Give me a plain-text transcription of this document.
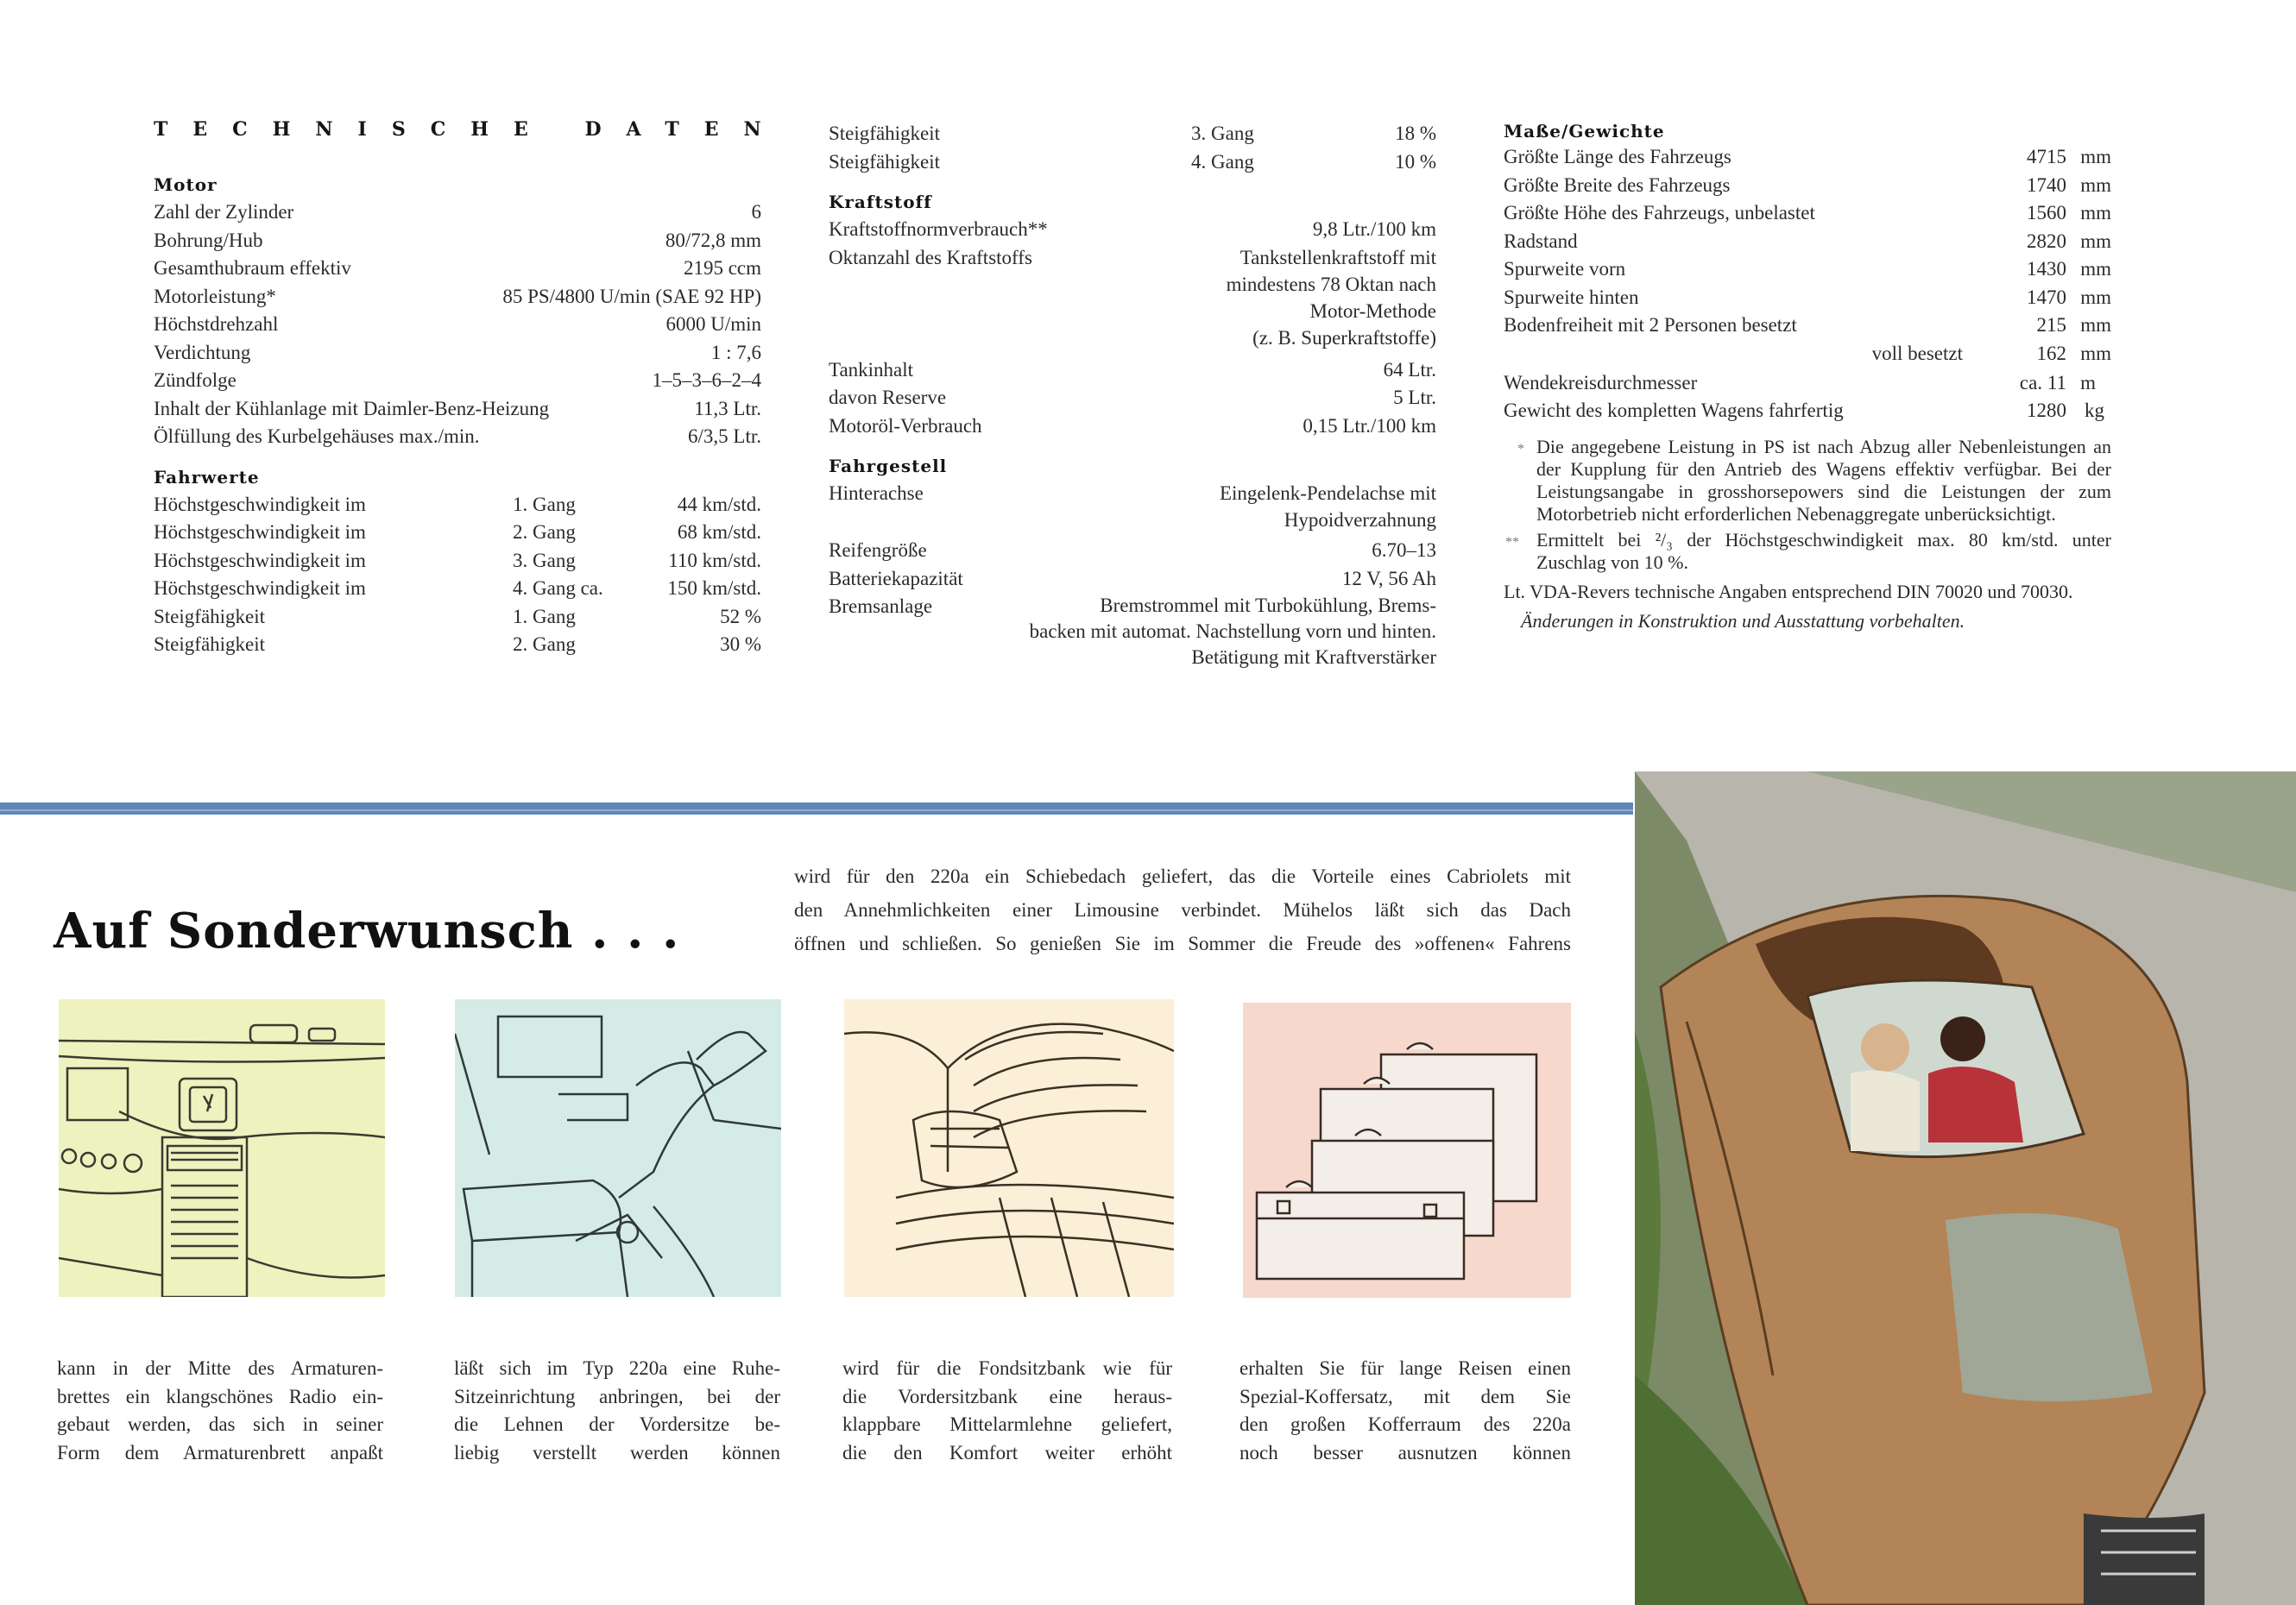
TECHNISCHE DATEN
Motor
Zahl der Zylinder	6
Bohrung/Hub	80/72,8 mm
Gesamthubraum effektiv	2195 ccm
Motorleistung*	85 PS/4800 U/min (SAE 92 HP)
Höchstdrehzahl	6000 U/min
Verdichtung	1 : 7,6
Zündfolge	1–5–3–6–2–4
Inhalt der Kühlanlage mit Daimler-Benz-Heizung	11,3 Ltr.
Ölfüllung des Kurbelgehäuses max./min.	6/3,5 Ltr.
Fahrwerte
Höchstgeschwindigkeit im	1. Gang	44 km/std.
Höchstgeschwindigkeit im	2. Gang	68 km/std.
Höchstgeschwindigkeit im	3. Gang	110 km/std.
Höchstgeschwindigkeit im	4. Gang ca.	150 km/std.
Steigfähigkeit	1. Gang	52 %
Steigfähigkeit	2. Gang	30 %
Steigfähigkeit	3. Gang	18 %
Steigfähigkeit	4. Gang	10 %
Kraftstoff
Kraftstoffnormverbrauch**	9,8 Ltr./100 km
Oktanzahl des Kraftstoffs	Tankstellenkraftstoff mit
mindestens 78 Oktan nach
Motor-Methode
(z. B. Superkraftstoffe)
Tankinhalt	64 Ltr.
davon Reserve	5 Ltr.
Motoröl-Verbrauch	0,15 Ltr./100 km
Fahrgestell
Hinterachse	Eingelenk-Pendelachse mit
Hypoidverzahnung
Reifengröße	6.70–13
Batteriekapazität	12 V, 56 Ah
Bremsanlage	Bremstrommel mit Turbokühlung, Brems-
backen mit automat. Nachstellung vorn und hinten.
Betätigung mit Kraftverstärker
Maße/Gewichte
Größte Länge des Fahrzeugs	4715 mm
Größte Breite des Fahrzeugs	1740 mm
Größte Höhe des Fahrzeugs, unbelastet	1560 mm
Radstand	2820 mm
Spurweite vorn	1430 mm
Spurweite hinten	1470 mm
Bodenfreiheit mit 2 Personen besetzt	215 mm
voll besetzt	162 mm
Wendekreisdurchmesser	ca. 11 m
Gewicht des kompletten Wagens fahrfertig	1280 kg
* Die angegebene Leistung in PS ist nach Abzug aller Nebenleistungen an der Kupplung für den Antrieb des Wagens effektiv verfügbar. Bei der Leistungsangabe in grosshorsepowers sind die Leistungen der zum Motorbetrieb nicht erforderlichen Nebenaggregate unberücksichtigt.
** Ermittelt bei ²/₃ der Höchstgeschwindigkeit max. 80 km/std. unter Zuschlag von 10 %.
Lt. VDA-Revers technische Angaben entsprechend DIN 70020 und 70030.
Änderungen in Konstruktion und Ausstattung vorbehalten.
Auf Sonderwunsch . . .
wird für den 220a ein Schiebedach geliefert, das die Vorteile eines Cabriolets mit
den Annehmlichkeiten einer Limousine verbindet. Mühelos läßt sich das Dach
öffnen und schließen. So genießen Sie im Sommer die Freude des »offenen« Fahrens
kann in der Mitte des Armaturen-
brettes ein klangschönes Radio ein-
gebaut werden, das sich in seiner
Form dem Armaturenbrett anpaßt
läßt sich im Typ 220a eine Ruhe-
Sitzeinrichtung anbringen, bei der
die Lehnen der Vordersitze be-
liebig verstellt werden können
wird für die Fondsitzbank wie für
die Vordersitzbank eine heraus-
klappbare Mittelarmlehne geliefert,
die den Komfort weiter erhöht
erhalten Sie für lange Reisen einen
Spezial-Koffersatz, mit dem Sie
den großen Kofferraum des 220a
noch besser ausnutzen können
